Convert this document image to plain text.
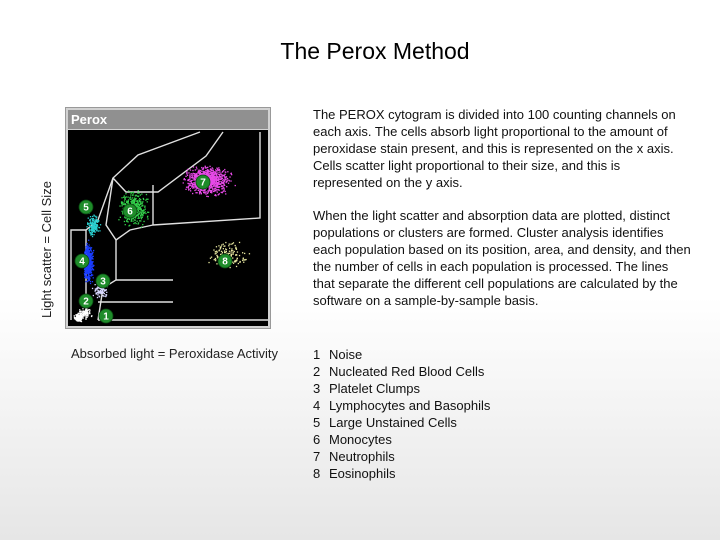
The Perox Method
Light scatter = Cell Size
Perox
1
2
3
4
5	6
7
8
Absorbed light = Peroxidase Activity
The PEROX cytogram is divided into 100 counting channels on each axis. The cells absorb light proportional to the amount of peroxidase stain present, and this is represented on the x axis. Cells scatter light proportional to their size, and this is represented on the y axis.
When the light scatter and absorption data are plotted, distinct populations or clusters are formed. Cluster analysis identifies each population based on its position, area, and density, and then the number of cells in each population is processed. The lines that separate the different cell populations are calculated by the software on a sample-by-sample basis.
1 Noise
2 Nucleated Red Blood Cells
3 Platelet Clumps
4 Lymphocytes and Basophils
5 Large Unstained Cells
6 Monocytes
7 Neutrophils
8 Eosinophils
